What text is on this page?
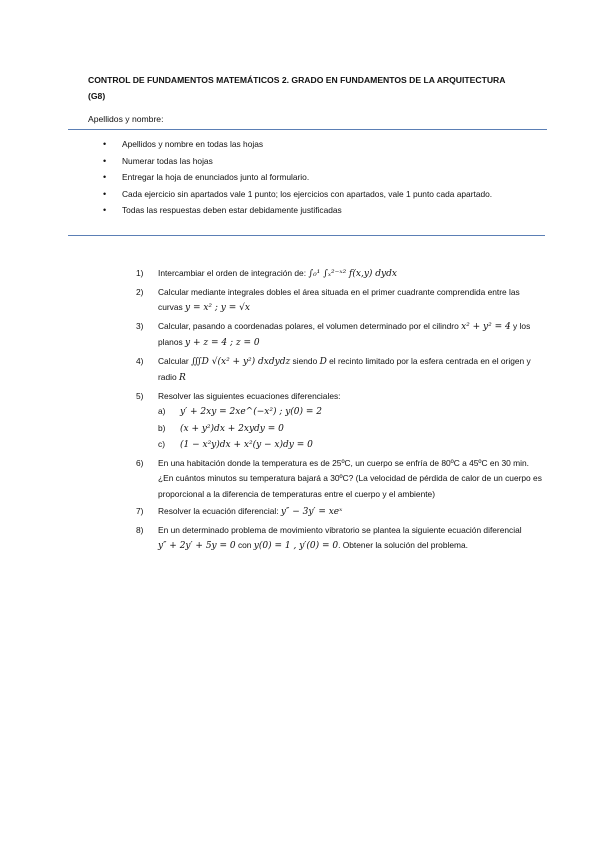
CONTROL DE FUNDAMENTOS MATEMÁTICOS 2. GRADO EN FUNDAMENTOS DE LA ARQUITECTURA (G8)
Apellidos y nombre:
• Apellidos y nombre en todas las hojas
• Numerar todas las hojas
• Entregar la hoja de enunciados junto al formulario.
• Cada ejercicio sin apartados vale 1 punto; los ejercicios con apartados, vale 1 punto cada apartado.
• Todas las respuestas deben estar debidamente justificadas
1) Intercambiar el orden de integración de: ∫₀¹ ∫ₓ²⁻ˣ² f(x,y) dydx
2) Calcular mediante integrales dobles el área situada en el primer cuadrante comprendida entre las curvas y = x² ; y = √x
3) Calcular, pasando a coordenadas polares, el volumen determinado por el cilindro x² + y² = 4 y los planos y + z = 4 ; z = 0
4) Calcular ∭D √(x² + y²) dxdydz siendo D el recinto limitado por la esfera centrada en el origen y radio R
5) Resolver las siguientes ecuaciones diferenciales:
a) y′ + 2xy = 2xe^(−x²) ; y(0) = 2
b) (x + y²)dx + 2xydy = 0
c) (1 − x²y)dx + x²(y − x)dy = 0
6) En una habitación donde la temperatura es de 25ºC, un cuerpo se enfría de 80ºC a 45ºC en 30 min. ¿En cuántos minutos su temperatura bajará a 30ºC? (La velocidad de pérdida de calor de un cuerpo es proporcional a la diferencia de temperaturas entre el cuerpo y el ambiente)
7) Resolver la ecuación diferencial: y″ − 3y′ = xeˣ
8) En un determinado problema de movimiento vibratorio se plantea la siguiente ecuación diferencial y″ + 2y′ + 5y = 0 con y(0) = 1 , y′(0) = 0. Obtener la solución del problema.
